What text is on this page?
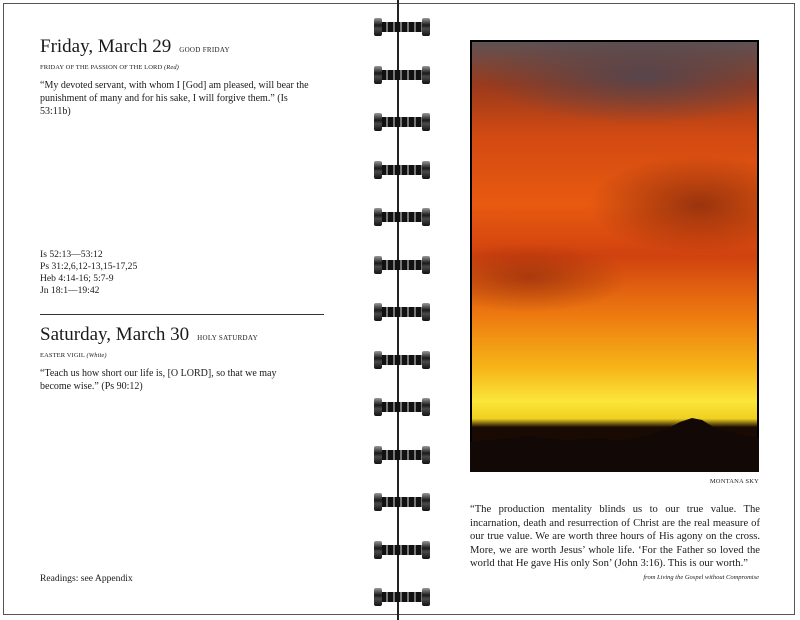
Friday, March 29 GOOD FRIDAY
FRIDAY OF THE PASSION OF THE LORD (Red)
“My devoted servant, with whom I [God] am pleased, will bear the punishment of many and for his sake, I will forgive them.” (Is 53:11b)
Is 52:13—53:12
Ps 31:2,6,12-13,15-17,25
Heb 4:14-16; 5:7-9
Jn 18:1—19:42
Saturday, March 30 HOLY SATURDAY
EASTER VIGIL (White)
“Teach us how short our life is, [O LORD], so that we may become wise.” (Ps 90:12)
Readings: see Appendix
MONTANA SKY
“The production mentality blinds us to our true value. The incarnation, death and resurrection of Christ are the real measure of our true value. We are worth three hours of His agony on the cross. More, we are worth Jesus’ whole life. ‘For the Father so loved the world that He gave His only Son’ (John 3:16). This is our worth.”
from Living the Gospel without Compromise
